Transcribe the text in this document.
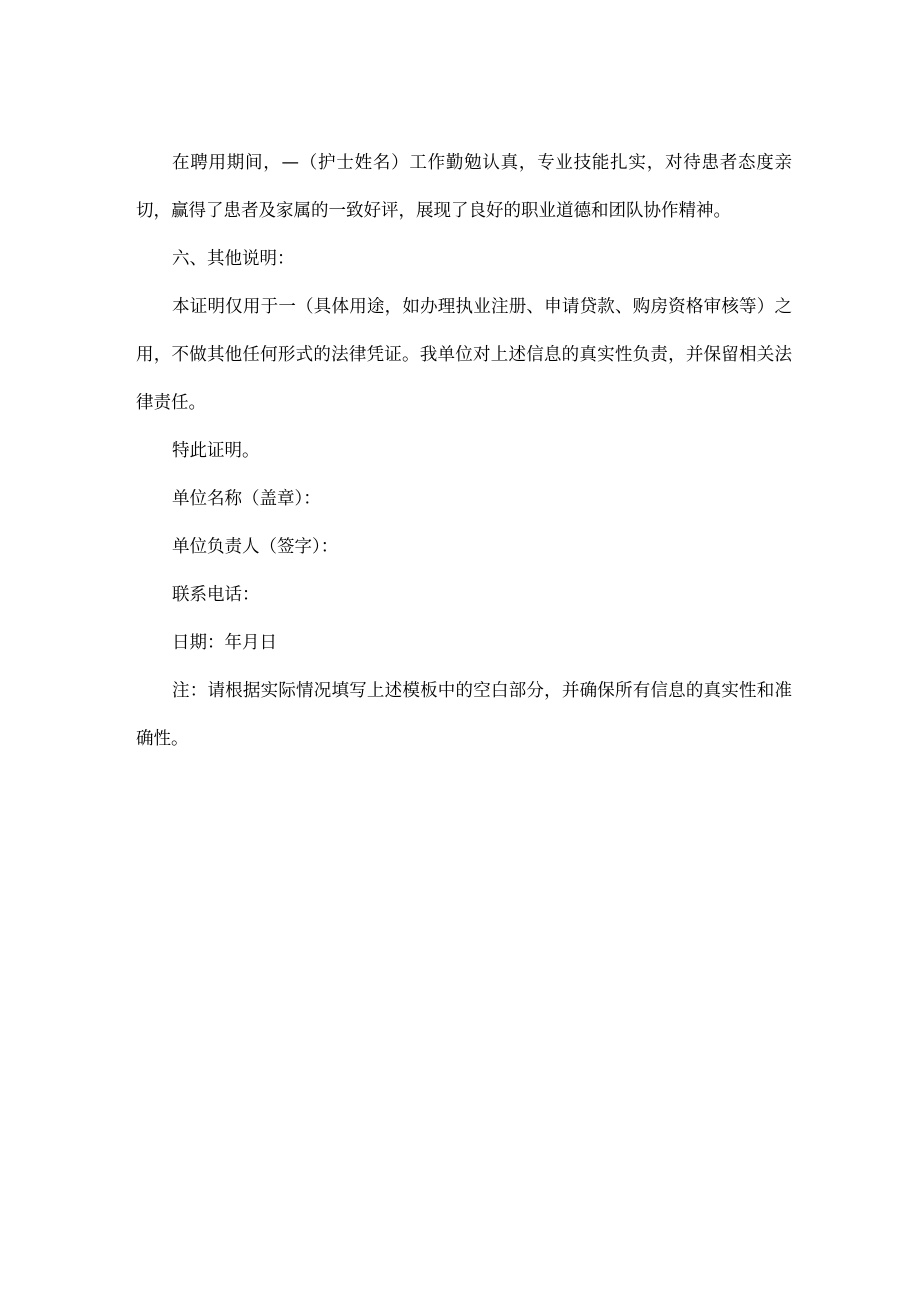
在聘用期间，—（护士姓名）工作勤勉认真，专业技能扎实，对待患者态度亲切，赢得了患者及家属的一致好评，展现了良好的职业道德和团队协作精神。

六、其他说明：

本证明仅用于一（具体用途，如办理执业注册、申请贷款、购房资格审核等）之用，不做其他任何形式的法律凭证。我单位对上述信息的真实性负责，并保留相关法律责任。

特此证明。

单位名称（盖章）：

单位负责人（签字）：

联系电话：

日期：年月日

注：请根据实际情况填写上述模板中的空白部分，并确保所有信息的真实性和准确性。
